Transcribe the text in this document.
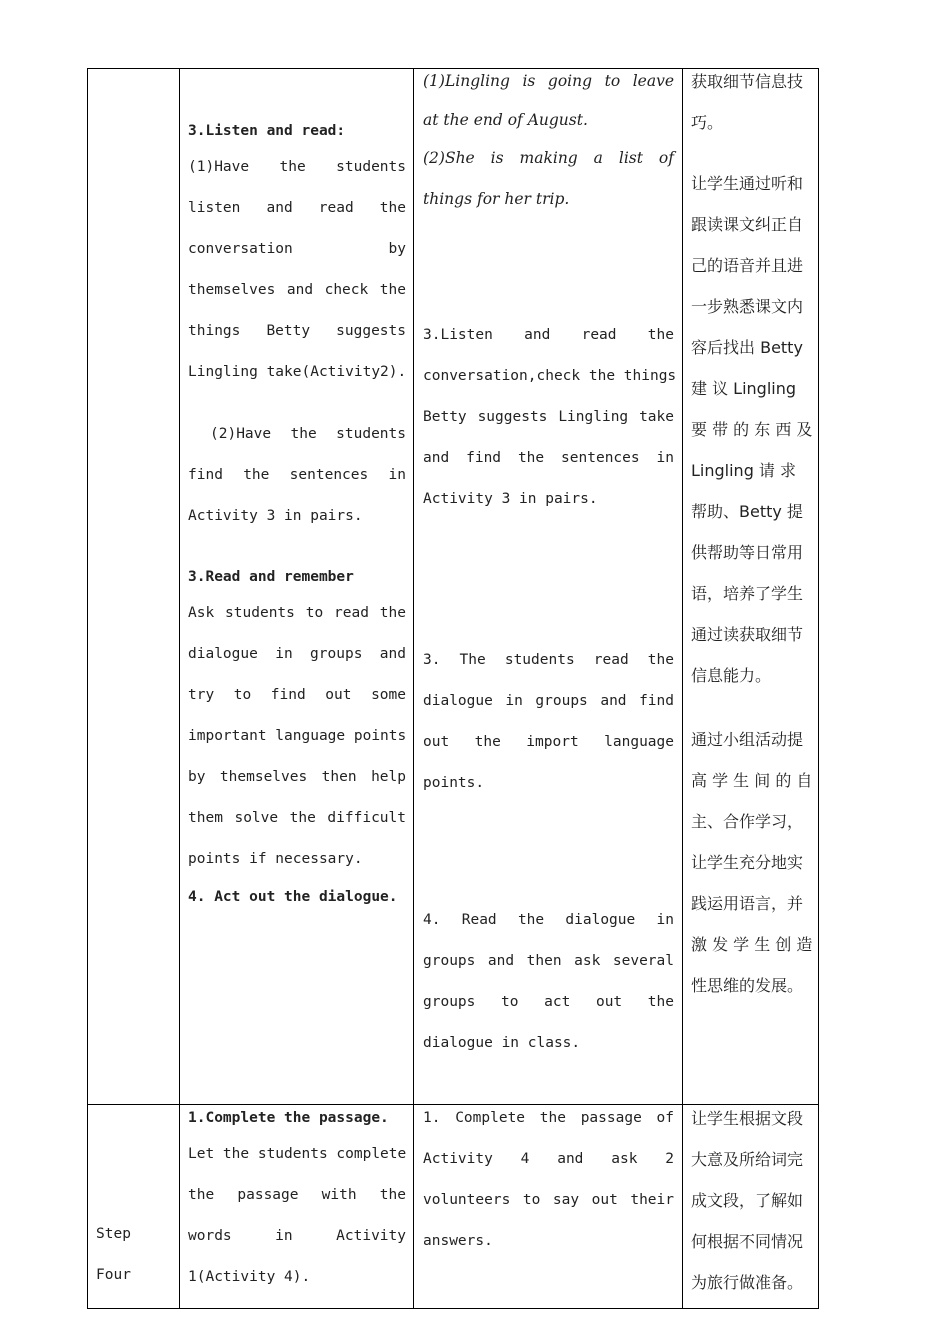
3.Listen and read:
(1)Have the students
listen and read the
conversation by
themselves and check the
things Betty suggests
Lingling take(Activity2).
(2)Have the students
find the sentences in
Activity 3 in pairs.
3.Read and remember
Ask students to read the
dialogue in groups and
try to find out some
important language points
by themselves then help
them solve the difficult
points if necessary.
4. Act out the dialogue.
(1)Lingling is going to leave
at the end of August.
(2)She is making a list of
things for her trip.
3.Listen and read the
conversation,check the things
Betty suggests Lingling take
and find the sentences in
Activity 3 in pairs.
3. The students read the
dialogue in groups and find
out the import language
points.
4. Read the dialogue in
groups and then ask several
groups to act out the
dialogue in class.
获取细节信息技
巧。
让学生通过听和
跟读课文纠正自
己的语音并且进
一步熟悉课文内
容后找出 Betty
建 议 Lingling
要 带 的 东 西 及
Lingling 请 求
帮助、Betty 提
供帮助等日常用
语，培养了学生
通过读获取细节
信息能力。
通过小组活动提
高 学 生 间 的 自
主、合作学习，
让学生充分地实
践运用语言，并
激 发 学 生 创 造
性思维的发展。
Step
Four
1.Complete the passage.
Let the students complete
the passage with the
words in Activity
1(Activity 4).
1. Complete the passage of
Activity 4 and ask 2
volunteers to say out their
answers.
让学生根据文段
大意及所给词完
成文段，了解如
何根据不同情况
为旅行做准备。
